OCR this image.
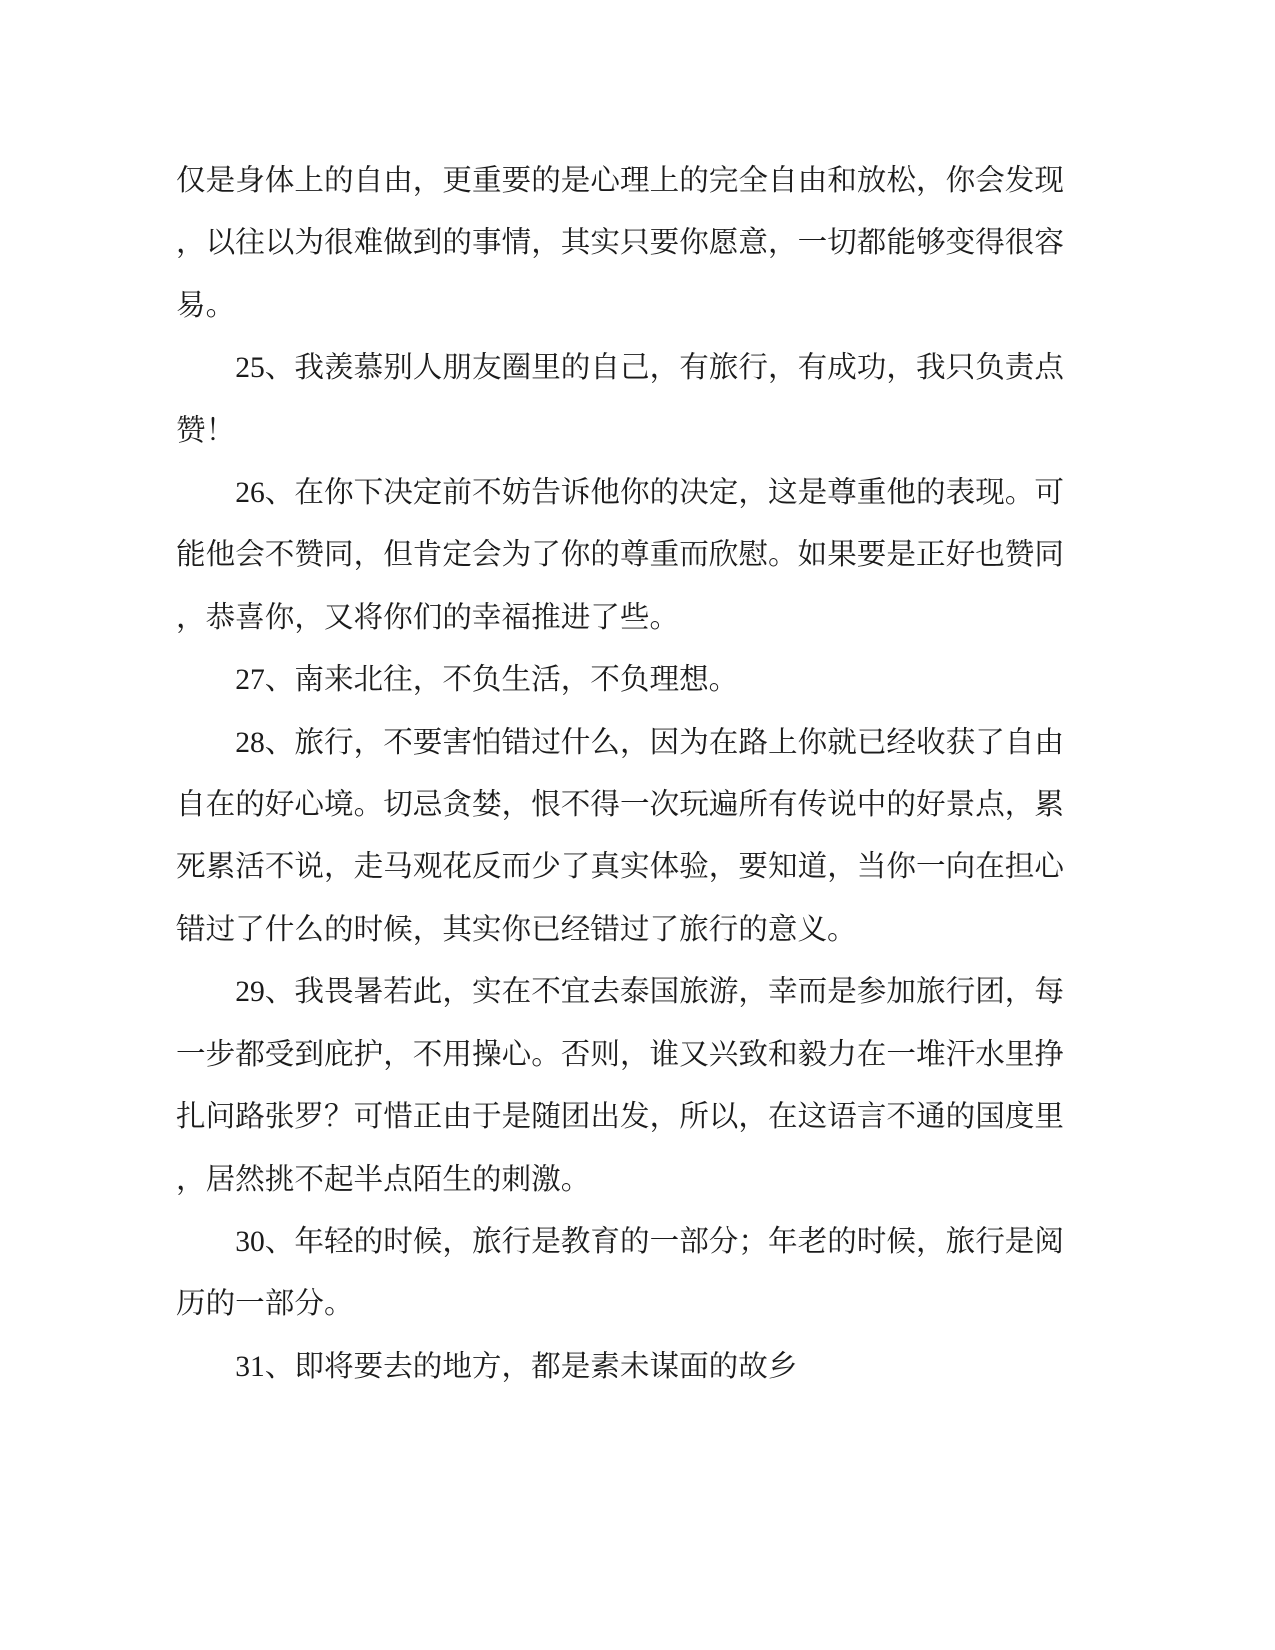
仅是身体上的自由，更重要的是心理上的完全自由和放松，你会发现，以往以为很难做到的事情，其实只要你愿意，一切都能够变得很容易。

25、我羡慕别人朋友圈里的自己，有旅行，有成功，我只负责点赞！

26、在你下决定前不妨告诉他你的决定，这是尊重他的表现。可能他会不赞同，但肯定会为了你的尊重而欣慰。如果要是正好也赞同，恭喜你，又将你们的幸福推进了些。

27、南来北往，不负生活，不负理想。

28、旅行，不要害怕错过什么，因为在路上你就已经收获了自由自在的好心境。切忌贪婪，恨不得一次玩遍所有传说中的好景点，累死累活不说，走马观花反而少了真实体验，要知道，当你一向在担心错过了什么的时候，其实你已经错过了旅行的意义。

29、我畏暑若此，实在不宜去泰国旅游，幸而是参加旅行团，每一步都受到庇护，不用操心。否则，谁又兴致和毅力在一堆汗水里挣扎问路张罗？可惜正由于是随团出发，所以，在这语言不通的国度里，居然挑不起半点陌生的刺激。

30、年轻的时候，旅行是教育的一部分；年老的时候，旅行是阅历的一部分。

31、即将要去的地方，都是素未谋面的故乡
